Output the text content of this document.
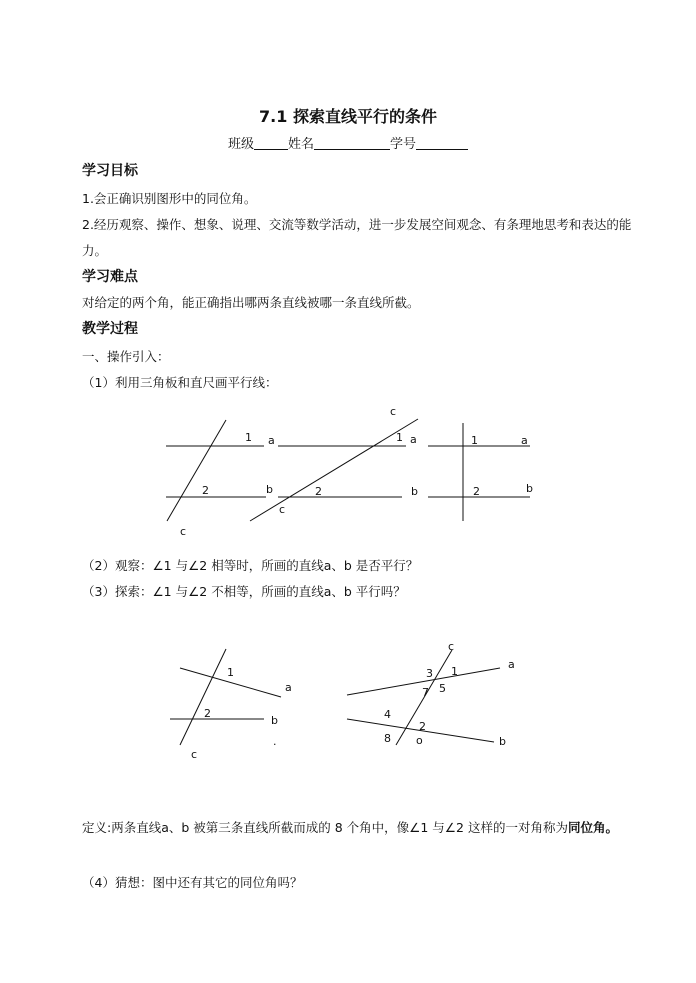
7.1 探索直线平行的条件
班级	姓名	学号
学习目标
1.会正确识别图形中的同位角。
2.经历观察、操作、想象、说理、交流等数学活动，进一步发展空间观念、有条理地思考和表达的能
力。
学习难点
对给定的两个角，能正确指出哪两条直线被哪一条直线所截。
教学过程
一、操作引入：
（1）利用三角板和直尺画平行线：
1 a
2	b
c
c
1 a
2	b
c
1	a
2	b
1
a
2
b
.
c
c
3 1
a
7 5
4
2
8 o	b
（2）观察：∠1 与∠2 相等时，所画的直线a、b 是否平行？
（3）探索：∠1 与∠2 不相等，所画的直线a、b 平行吗？
定义:两条直线a、b 被第三条直线所截而成的 8 个角中，像∠1 与∠2 这样的一对角称为同位角。
（4）猜想：图中还有其它的同位角吗？
